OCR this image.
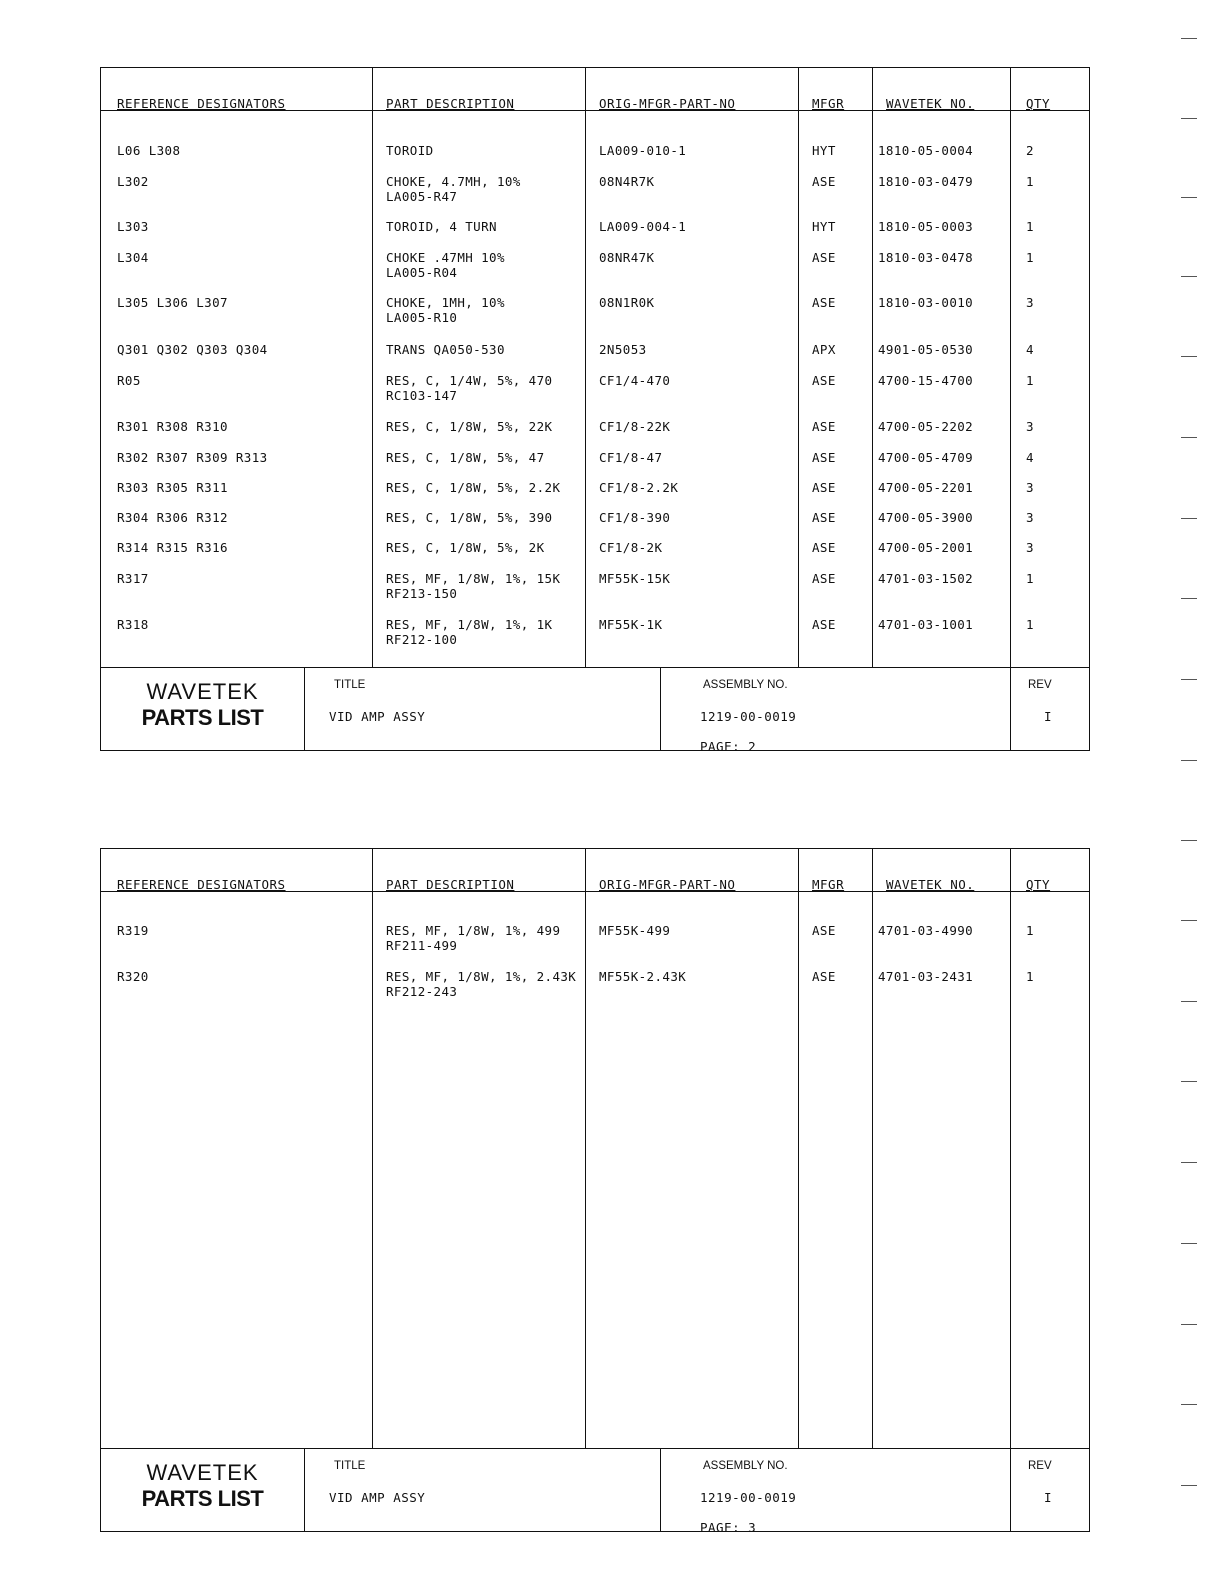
REFERENCE DESIGNATORS	PART DESCRIPTION	ORIG-MFGR-PART-NO	MFGR	WAVETEK NO.	QTY
L06 L308	TOROID	LA009-010-1	HYT	1810-05-0004	2
L302	CHOKE, 4.7MH, 10%
LA005-R47
08N4R7K	ASE	1810-03-0479	1
L303	TOROID, 4 TURN	LA009-004-1	HYT	1810-05-0003	1
L304	CHOKE .47MH 10%
LA005-R04
08NR47K	ASE	1810-03-0478	1
L305 L306 L307	CHOKE, 1MH, 10%
LA005-R10
08N1R0K	ASE	1810-03-0010	3
Q301 Q302 Q303 Q304	TRANS QA050-530	2N5053	APX	4901-05-0530	4
R05	RES, C, 1/4W, 5%, 470
RC103-147
CF1/4-470	ASE	4700-15-4700	1
R301 R308 R310	RES, C, 1/8W, 5%, 22K	CF1/8-22K	ASE	4700-05-2202	3
R302 R307 R309 R313	RES, C, 1/8W, 5%, 47	CF1/8-47	ASE	4700-05-4709	4
R303 R305 R311	RES, C, 1/8W, 5%, 2.2K	CF1/8-2.2K	ASE	4700-05-2201	3
R304 R306 R312	RES, C, 1/8W, 5%, 390	CF1/8-390	ASE	4700-05-3900	3
R314 R315 R316	RES, C, 1/8W, 5%, 2K	CF1/8-2K	ASE	4700-05-2001	3
R317	RES, MF, 1/8W, 1%, 15K
RF213-150
MF55K-15K	ASE	4701-03-1502	1
R318	RES, MF, 1/8W, 1%, 1K
RF212-100
MF55K-1K	ASE	4701-03-1001	1
WAVETEK
PARTS LIST
TITLE
VID AMP ASSY
ASSEMBLY NO.
1219-00-0019
PAGE: 2
REV
I
REFERENCE DESIGNATORS	PART DESCRIPTION	ORIG-MFGR-PART-NO	MFGR	WAVETEK NO.	QTY
R319	RES, MF, 1/8W, 1%, 499
RF211-499
MF55K-499	ASE	4701-03-4990	1
R320	RES, MF, 1/8W, 1%, 2.43K
RF212-243
MF55K-2.43K	ASE	4701-03-2431	1
WAVETEK
PARTS LIST
TITLE
VID AMP ASSY
ASSEMBLY NO.
1219-00-0019
PAGE: 3
REV
I
